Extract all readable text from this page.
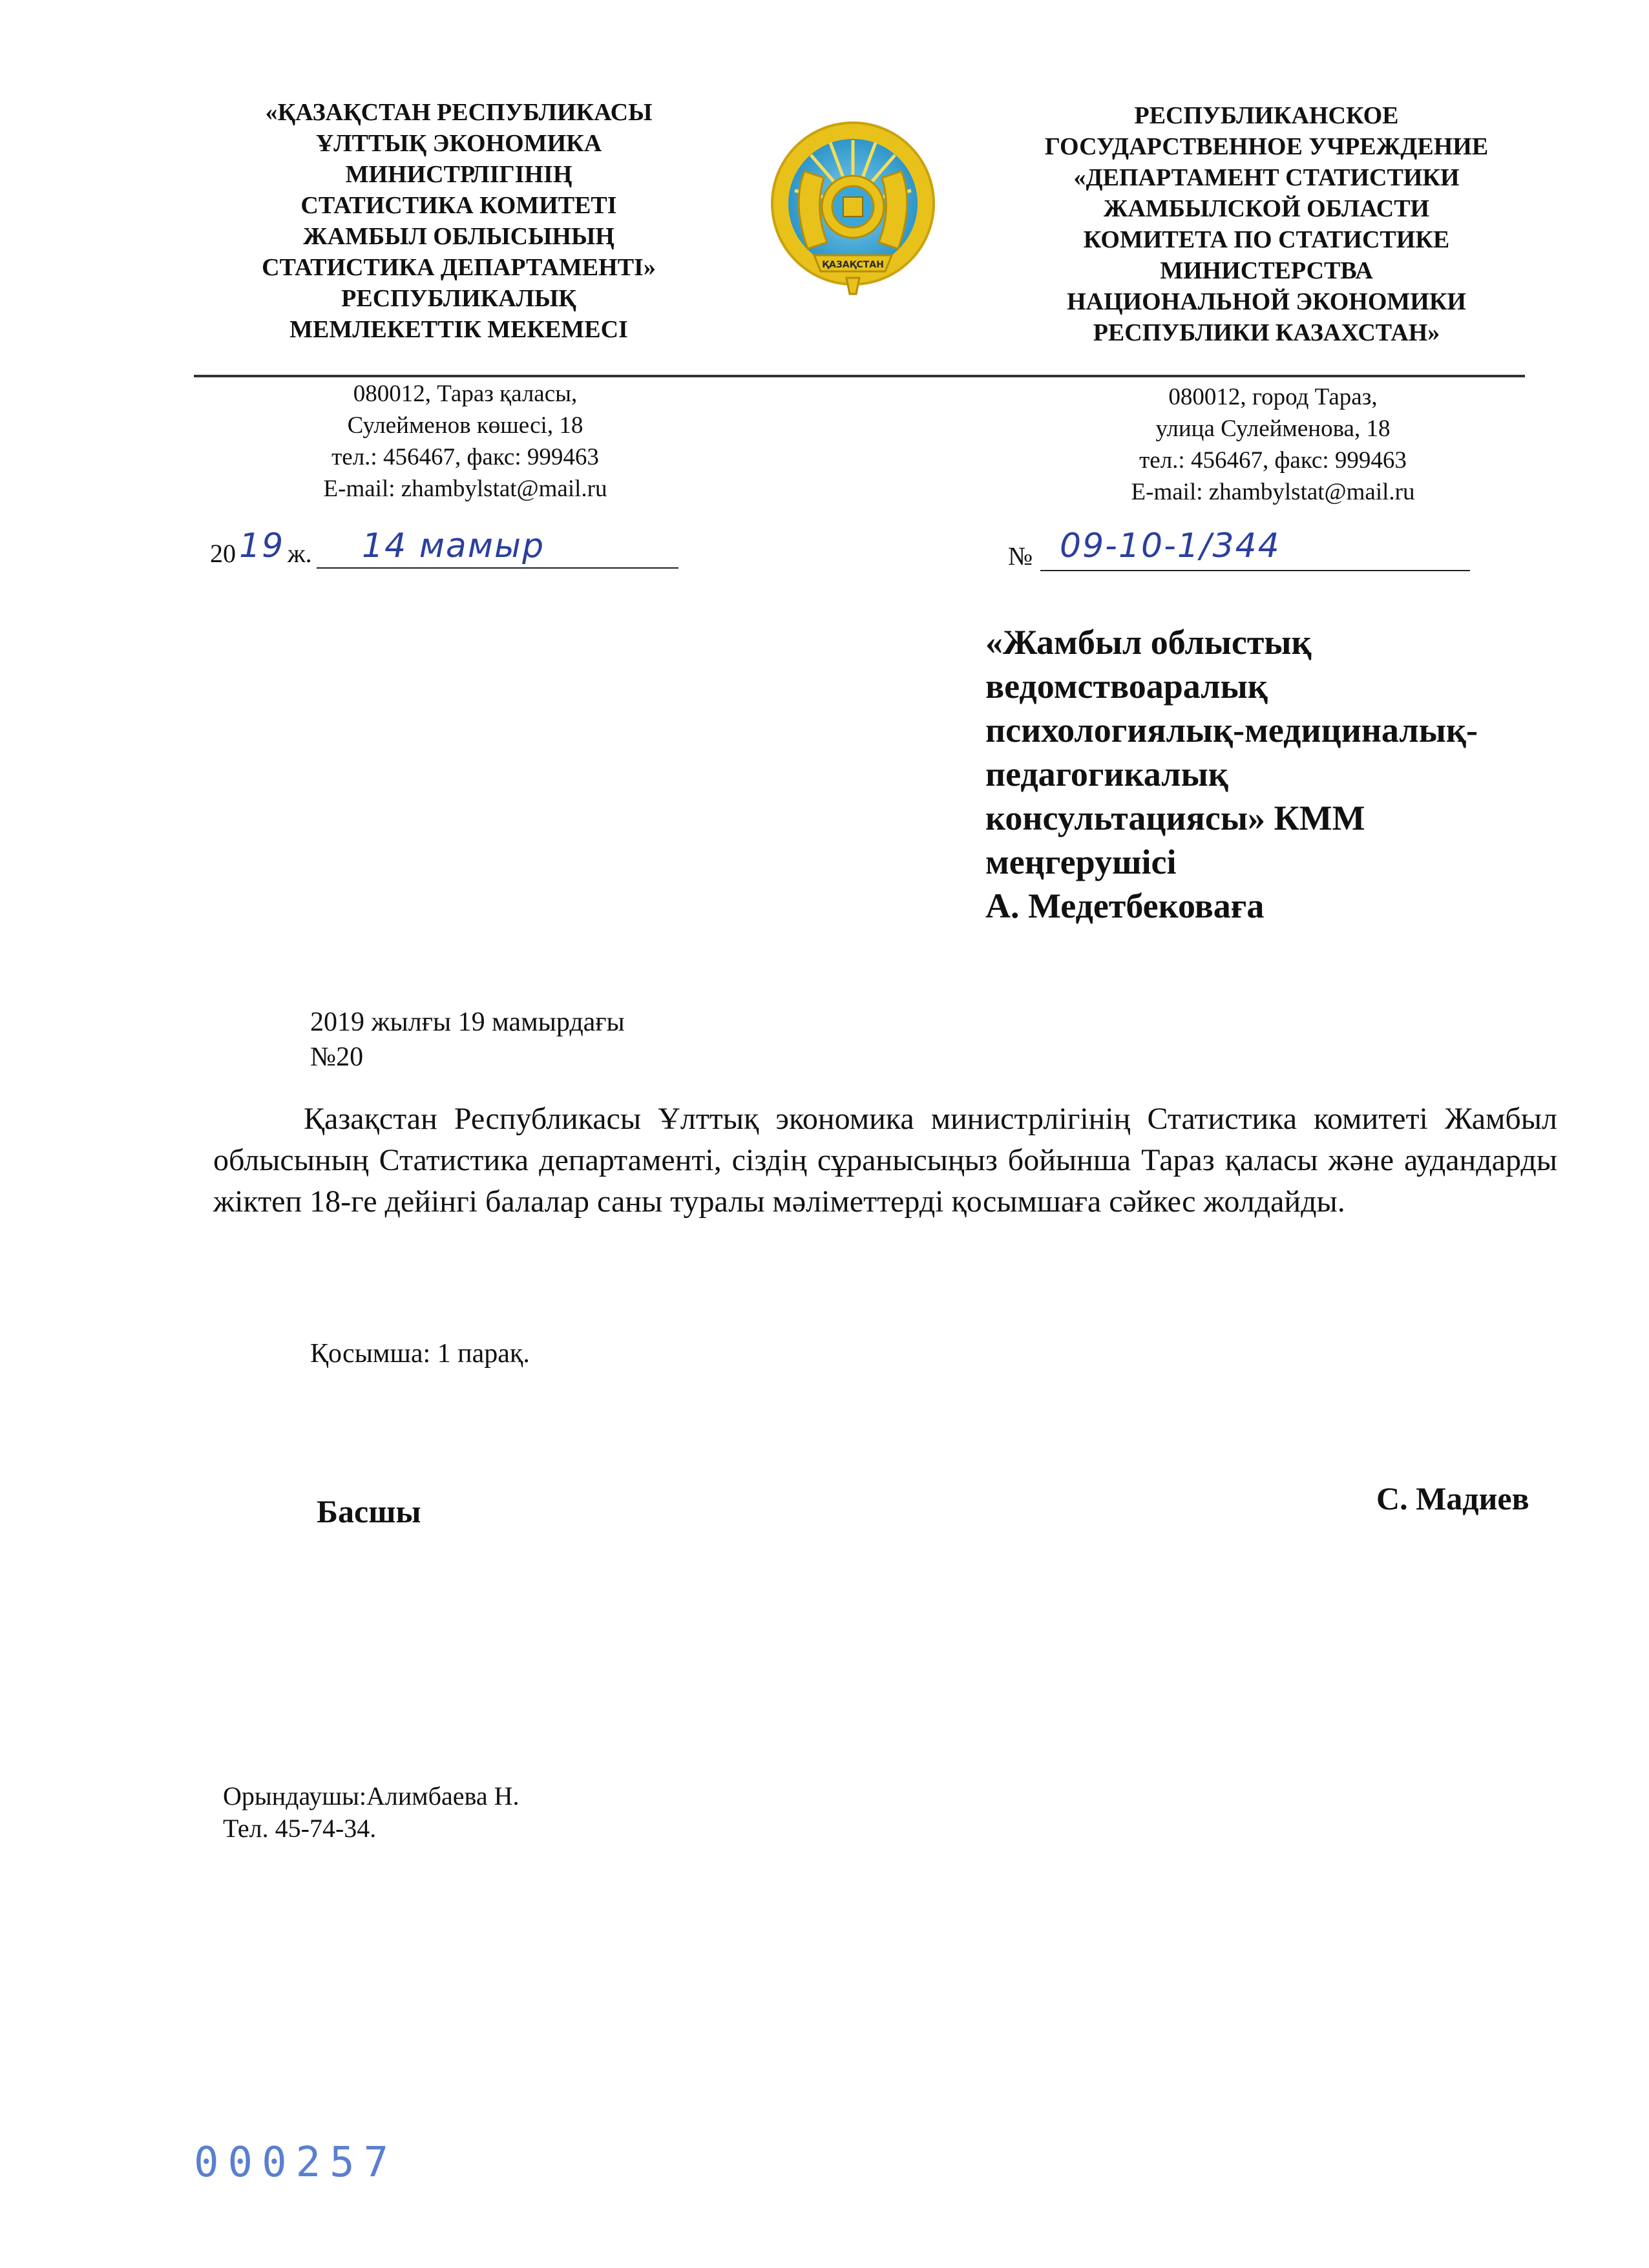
«ҚАЗАҚСТАН РЕСПУБЛИКАСЫ
ҰЛТТЫҚ ЭКОНОМИКА
МИНИСТРЛІГІНІҢ
СТАТИСТИКА КОМИТЕТІ
ЖАМБЫЛ ОБЛЫСЫНЫҢ
СТАТИСТИКА ДЕПАРТАМЕНТІ»
РЕСПУБЛИКАЛЫҚ
МЕМЛЕКЕТТІК МЕКЕМЕСІ
ҚАЗАҚСТАН
РЕСПУБЛИКАНСКОЕ
ГОСУДАРСТВЕННОЕ УЧРЕЖДЕНИЕ
«ДЕПАРТАМЕНТ СТАТИСТИКИ
ЖАМБЫЛСКОЙ ОБЛАСТИ
КОМИТЕТА ПО СТАТИСТИКЕ
МИНИСТЕРСТВА
НАЦИОНАЛЬНОЙ ЭКОНОМИКИ
РЕСПУБЛИКИ КАЗАХСТАН»
080012, Тараз қаласы,
Сулейменов көшесі, 18
тел.: 456467, факс: 999463
E-mail: zhambylstat@mail.ru
080012, город Тараз,
улица Сулейменова, 18
тел.: 456467, факс: 999463
E-mail: zhambylstat@mail.ru
20 19 ж. 14 мамыр	№ 09-10-1/344
«Жамбыл облыстық
ведомствоаралық
психологиялық-медициналық-
педагогикалық
консультациясы» КММ
меңгерушісі
А. Медетбековаға
2019 жылғы 19 мамырдағы
№20

Қазақстан Республикасы Ұлттық экономика министрлігінің Статистика комитеті Жамбыл облысының Статистика департаменті, сіздің сұранысыңыз бойынша Тараз қаласы және аудандарды жіктеп 18-ге дейінгі балалар саны туралы мәліметтерді қосымшаға сәйкес жолдайды.

Қосымша: 1 парақ.
Басшы	С. Мадиев
Орындаушы:Алимбаева Н.
Тел. 45-74-34.
000257
